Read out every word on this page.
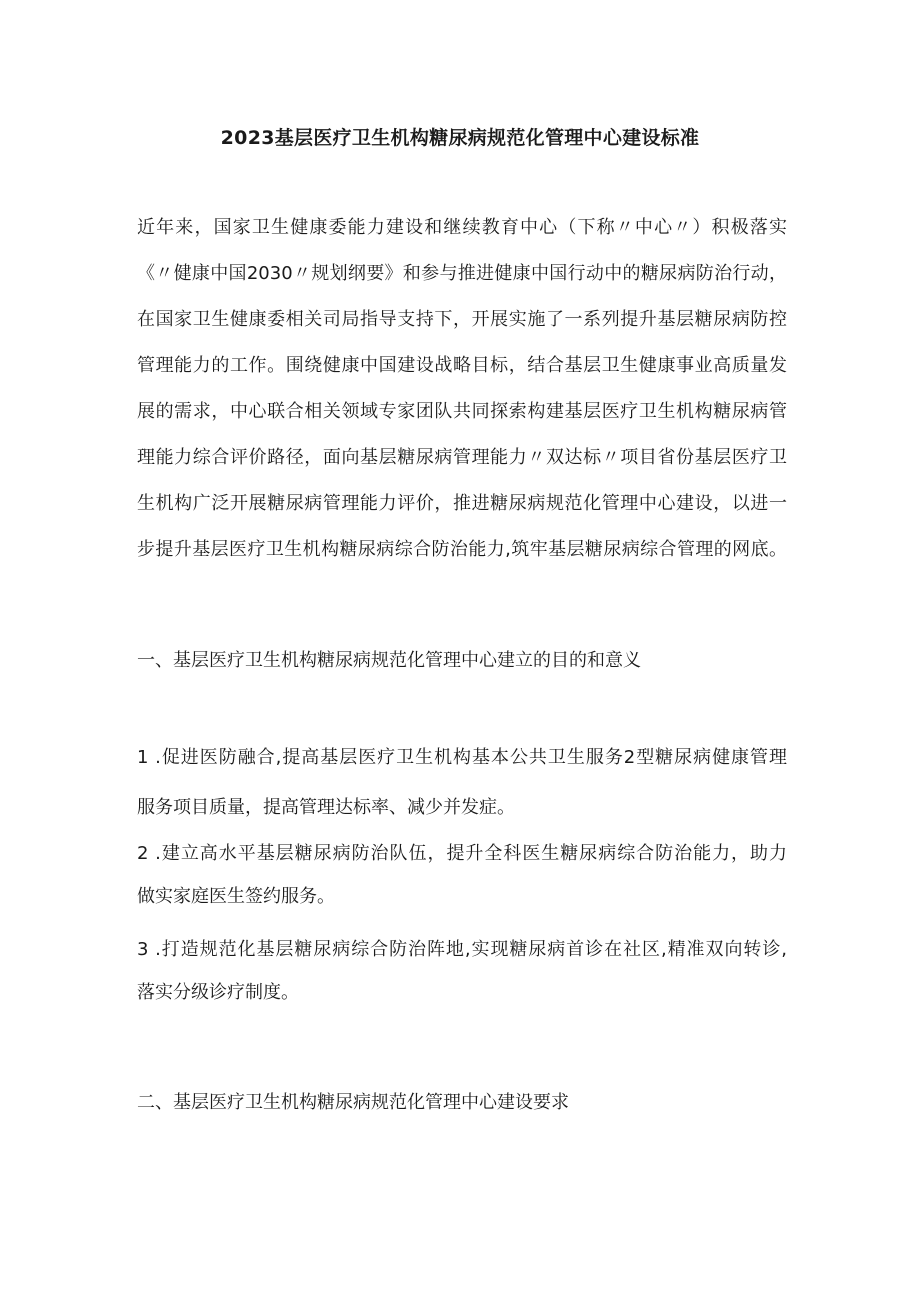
2023基层医疗卫生机构糖尿病规范化管理中心建设标准
近年来，国家卫生健康委能力建设和继续教育中心（下称〃中心〃）积极落实
《〃健康中国2030〃规划纲要》和参与推进健康中国行动中的糖尿病防治行动，
在国家卫生健康委相关司局指导支持下，开展实施了一系列提升基层糖尿病防控
管理能力的工作。围绕健康中国建设战略目标，结合基层卫生健康事业高质量发
展的需求，中心联合相关领域专家团队共同探索构建基层医疗卫生机构糖尿病管
理能力综合评价路径，面向基层糖尿病管理能力〃双达标〃项目省份基层医疗卫
生机构广泛开展糖尿病管理能力评价，推进糖尿病规范化管理中心建设，以进一
步提升基层医疗卫生机构糖尿病综合防治能力,筑牢基层糖尿病综合管理的网底。

一、基层医疗卫生机构糖尿病规范化管理中心建立的目的和意义

1 .促进医防融合,提高基层医疗卫生机构基本公共卫生服务2型糖尿病健康管理
服务项目质量，提高管理达标率、减少并发症。
2 .建立高水平基层糖尿病防治队伍，提升全科医生糖尿病综合防治能力，助力
做实家庭医生签约服务。
3 .打造规范化基层糖尿病综合防治阵地,实现糖尿病首诊在社区,精准双向转诊,
落实分级诊疗制度。

二、基层医疗卫生机构糖尿病规范化管理中心建设要求
